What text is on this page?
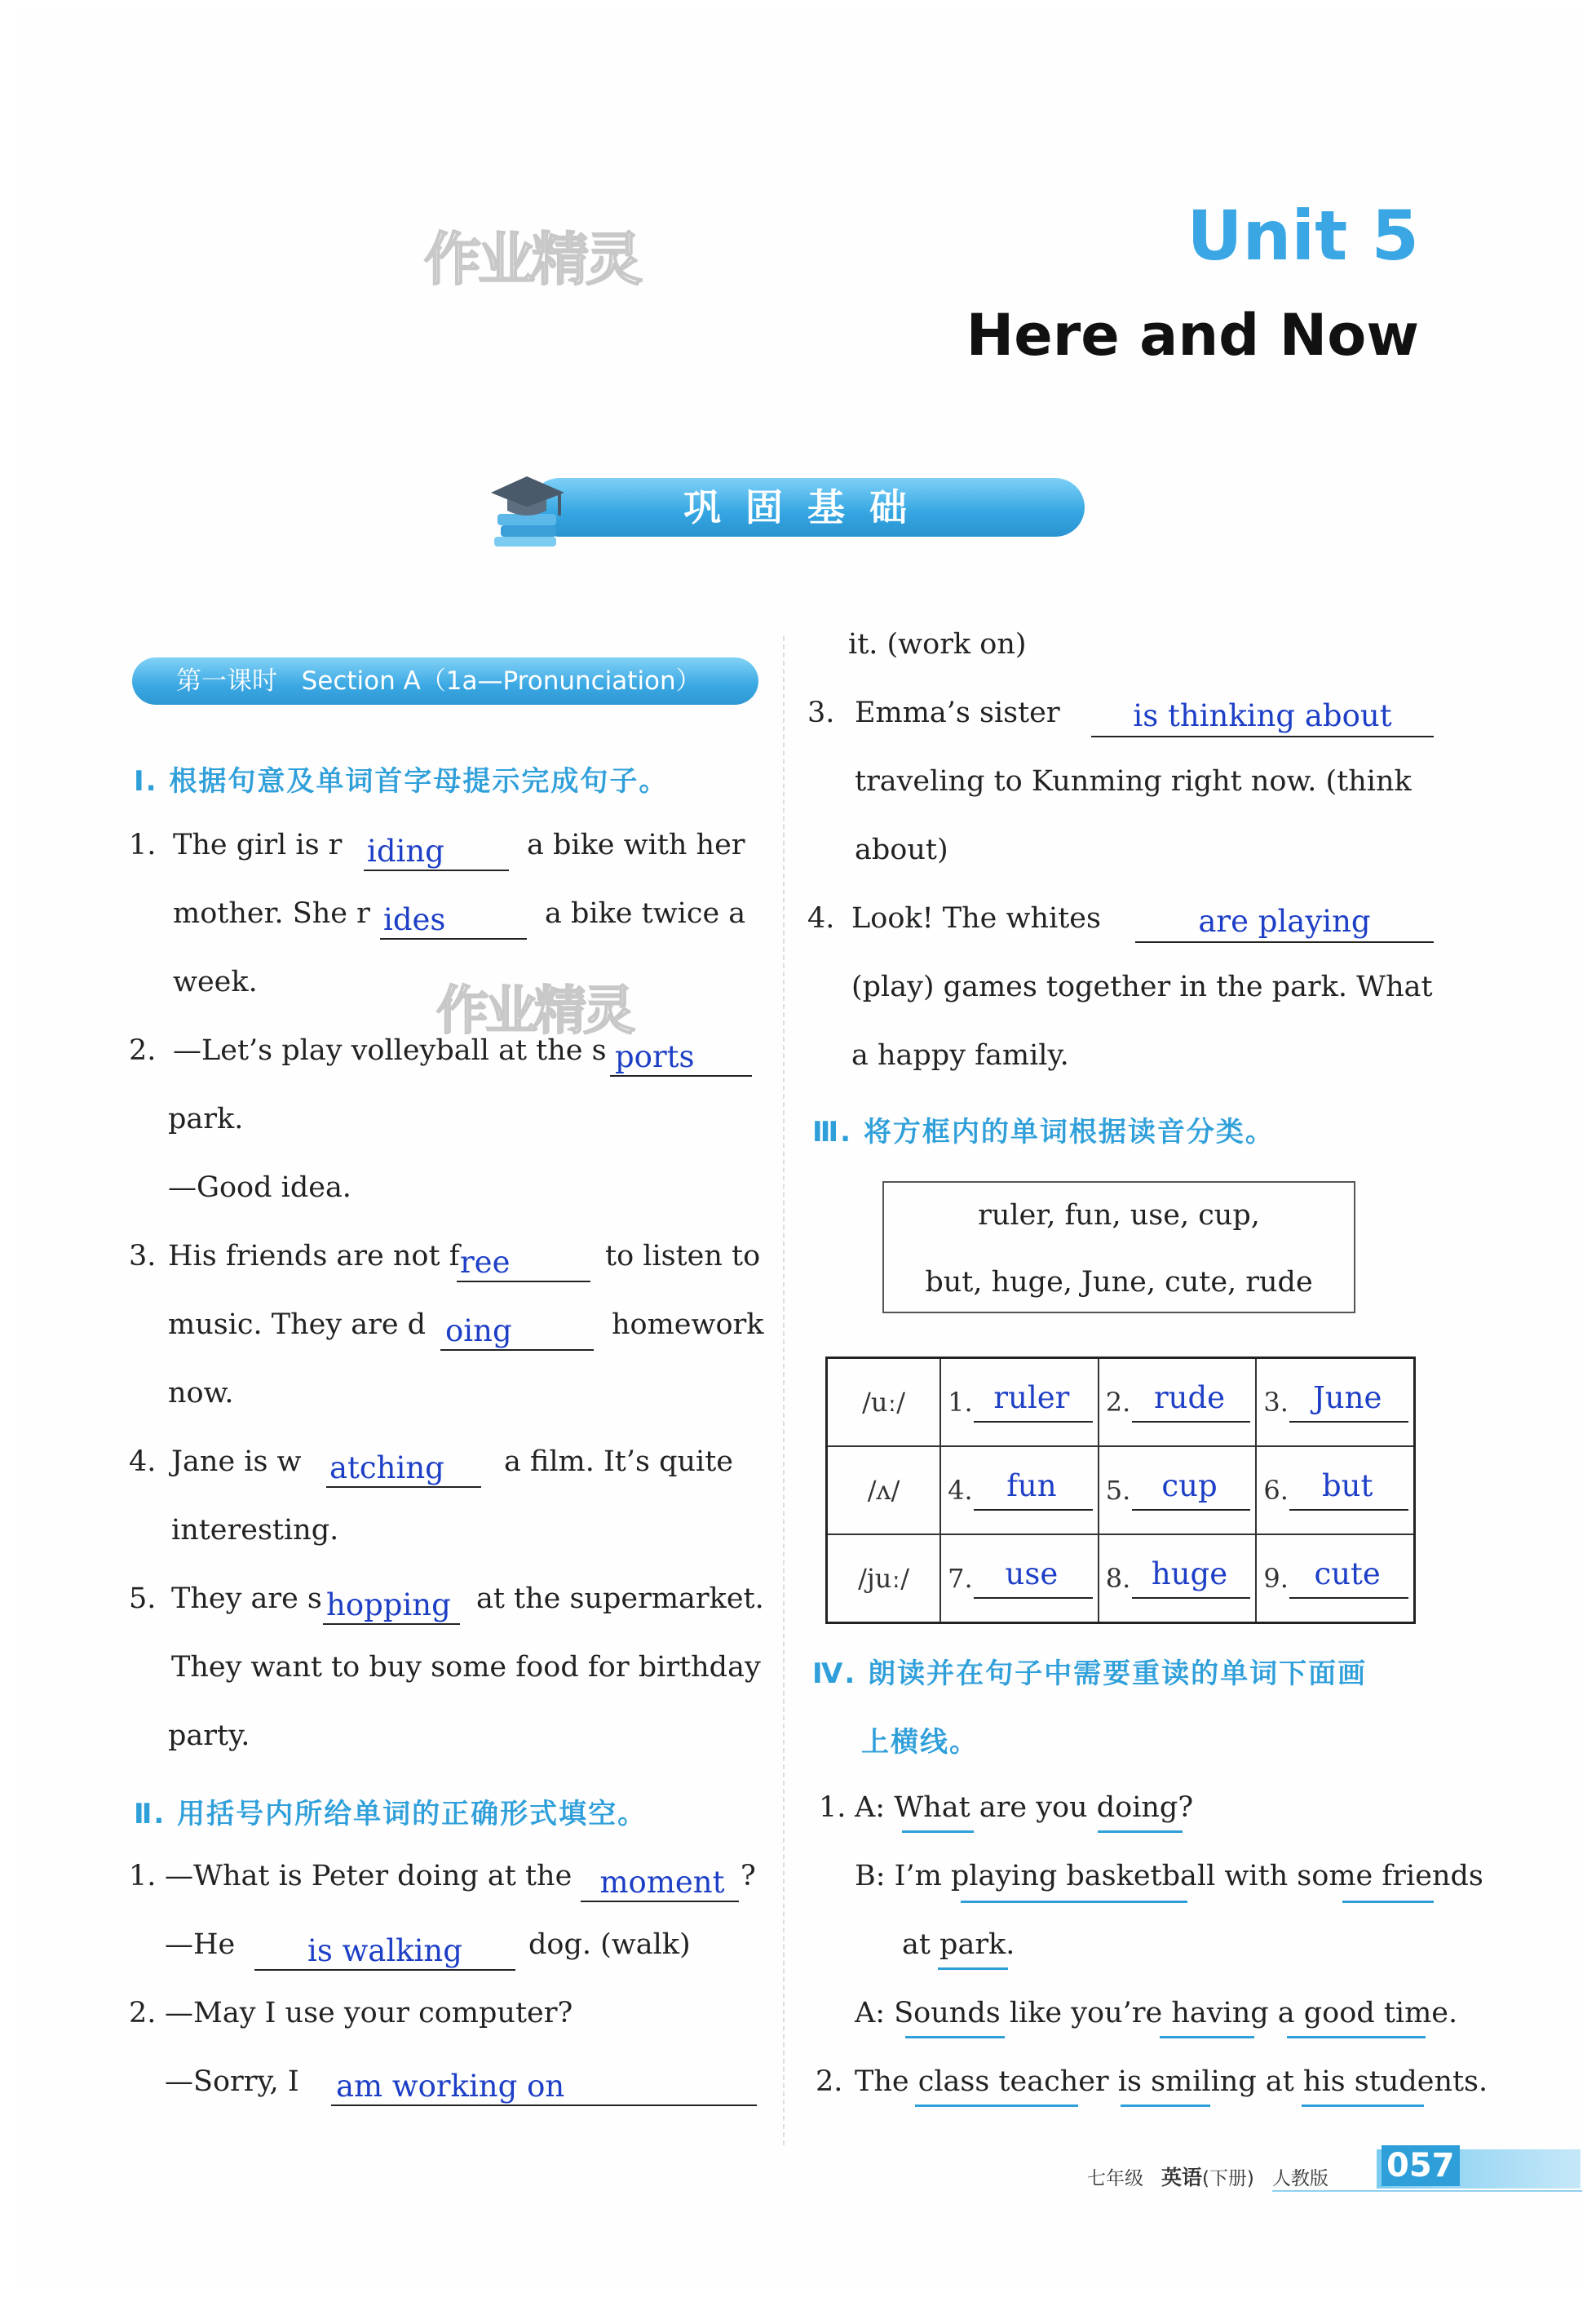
Unit 5
Here and Now
作业精灵
作业精灵
巩固基础
第一课时 Section A（1a—Pronunciation）
Ⅰ. 根据句意及单词首字母提示完成句子。
1. The girl is r iding	a bike with her
mother. She r ides	a bike twice a
week.
2. —Let’s play volleyball at the s ports
park.
—Good idea.
3. His friends are not f ree	to listen to
music. They are d oing	homework
now.
4. Jane is w atching a film. It’s quite
interesting.
5. They are s hopping at the supermarket.
They want to buy some food for birthday
party.
Ⅱ. 用括号内所给单词的正确形式填空。
1. —What is Peter doing at the moment ?
—He	is walking	dog. (walk)
2. —May I use your computer?
—Sorry, I am working on
it. (work on)
3. Emma’s sister	is thinking about
traveling to Kunming right now. (think
about)
4. Look! The whites	are playing
(play) games together in the park. What
a happy family.
Ⅲ. 将方框内的单词根据读音分类。
ruler, fun, use, cup,
but, huge, June, cute, rude
/uː/	1. ruler	2. rude	3. June

/ʌ/	4. fun	5. cup	6. but

/juː/	7. use	8. huge	9. cute
Ⅳ. 朗读并在句子中需要重读的单词下面画
上横线。
1. A: What are you doing?
B: I’m playing basketball with some friends
at park.
A: Sounds like you’re having a good time.
2. The class teacher is smiling at his students.
七年级 英语(下册) 人教版 057
